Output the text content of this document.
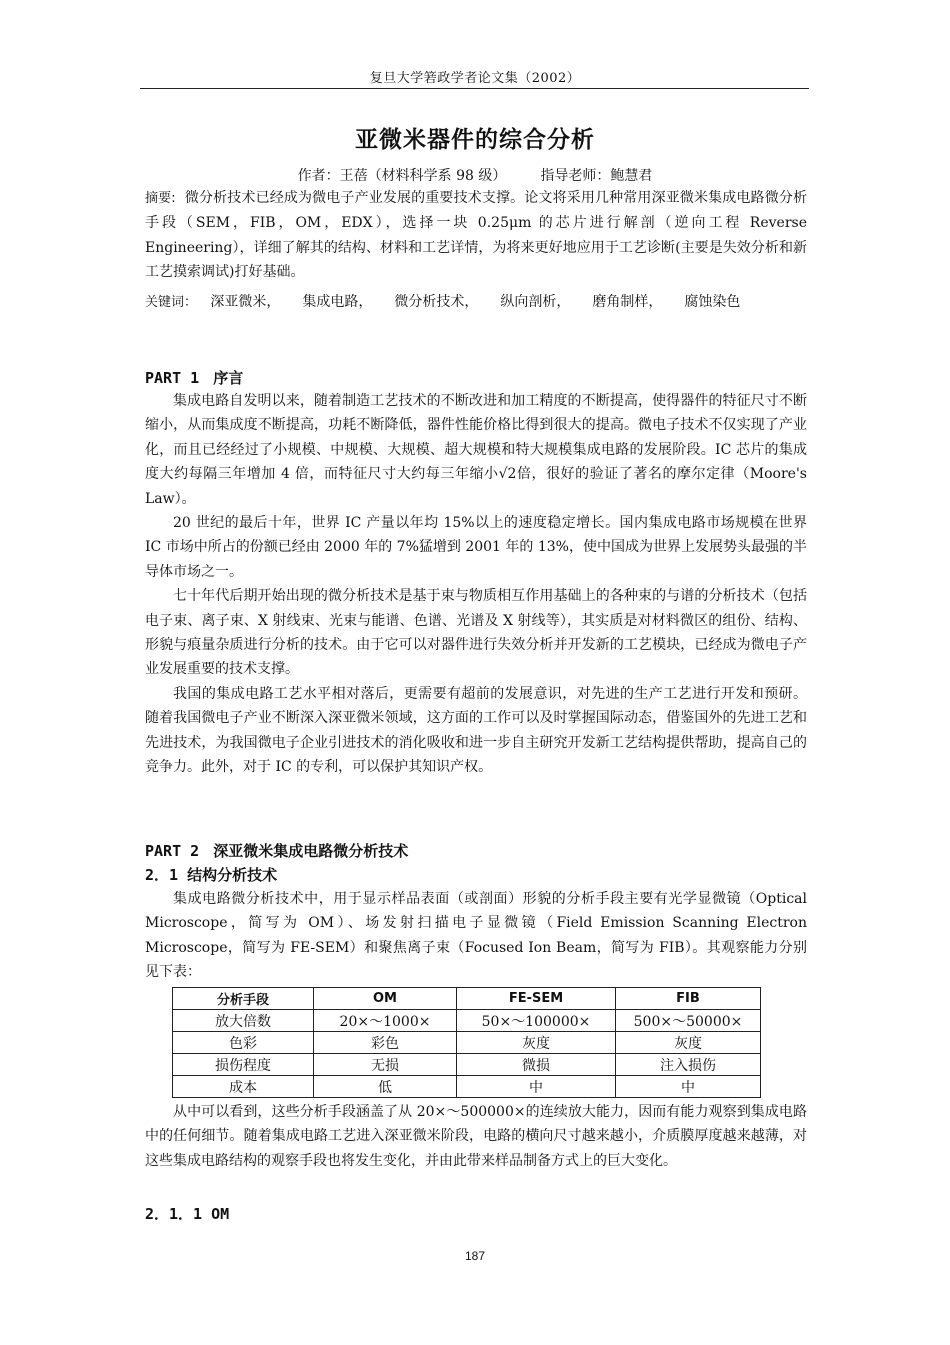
复旦大学箬政学者论文集（2002）
亚微米器件的综合分析
作者：王蓓（材料科学系 98 级） 指导老师：鲍慧君
摘要: 微分析技术已经成为微电子产业发展的重要技术支撑。论文将采用几种常用深亚微米集成电路微分析手段（SEM，FIB，OM，EDX），选择一块 0.25μm 的芯片进行解剖（逆向工程 Reverse Engineering），详细了解其的结构、材料和工艺详情，为将来更好地应用于工艺诊断(主要是失效分析和新工艺摸索调试)打好基础。
关键词： 深亚微米， 集成电路， 微分析技术， 纵向剖析， 磨角制样， 腐蚀染色
PART 1 序言

集成电路自发明以来，随着制造工艺技术的不断改进和加工精度的不断提高，使得器件的特征尺寸不断缩小，从而集成度不断提高，功耗不断降低，器件性能价格比得到很大的提高。微电子技术不仅实现了产业化，而且已经经过了小规模、中规模、大规模、超大规模和特大规模集成电路的发展阶段。IC 芯片的集成度大约每隔三年增加 4 倍，而特征尺寸大约每三年缩小√2倍，很好的验证了著名的摩尔定律（Moore's Law）。

20 世纪的最后十年，世界 IC 产量以年均 15%以上的速度稳定增长。国内集成电路市场规模在世界 IC 市场中所占的份额已经由 2000 年的 7%猛增到 2001 年的 13%，使中国成为世界上发展势头最强的半导体市场之一。

七十年代后期开始出现的微分析技术是基于束与物质相互作用基础上的各种束的与谱的分析技术（包括电子束、离子束、X 射线束、光束与能谱、色谱、光谱及 X 射线等），其实质是对材料微区的组份、结构、形貌与痕量杂质进行分析的技术。由于它可以对器件进行失效分析并开发新的工艺模块，已经成为微电子产业发展重要的技术支撑。

我国的集成电路工艺水平相对落后，更需要有超前的发展意识，对先进的生产工艺进行开发和预研。 随着我国微电子产业不断深入深亚微米领域，这方面的工作可以及时掌握国际动态，借鉴国外的先进工艺和先进技术，为我国微电子企业引进技术的消化吸收和进一步自主研究开发新工艺结构提供帮助，提高自己的竞争力。此外，对于 IC 的专利，可以保护其知识产权。

PART 2 深亚微米集成电路微分析技术
2．1 结构分析技术

集成电路微分析技术中，用于显示样品表面（或剖面）形貌的分析手段主要有光学显微镜（Optical Microscope，简写为 OM）、场发射扫描电子显微镜（Field Emission Scanning Electron Microscope，简写为 FE-SEM）和聚焦离子束（Focused Ion Beam，简写为 FIB）。其观察能力分别见下表：

分析手段	OM	FE-SEM	FIB
放大倍数	20×～1000×	50×～100000×	500×～50000×
色彩	彩色	灰度	灰度
损伤程度	无损	微损	注入损伤
成本	低	中	中

从中可以看到，这些分析手段涵盖了从 20×～500000×的连续放大能力，因而有能力观察到集成电路中的任何细节。随着集成电路工艺进入深亚微米阶段，电路的横向尺寸越来越小，介质膜厚度越来越薄，对这些集成电路结构的观察手段也将发生变化，并由此带来样品制备方式上的巨大变化。

2．1．1 OM
187
